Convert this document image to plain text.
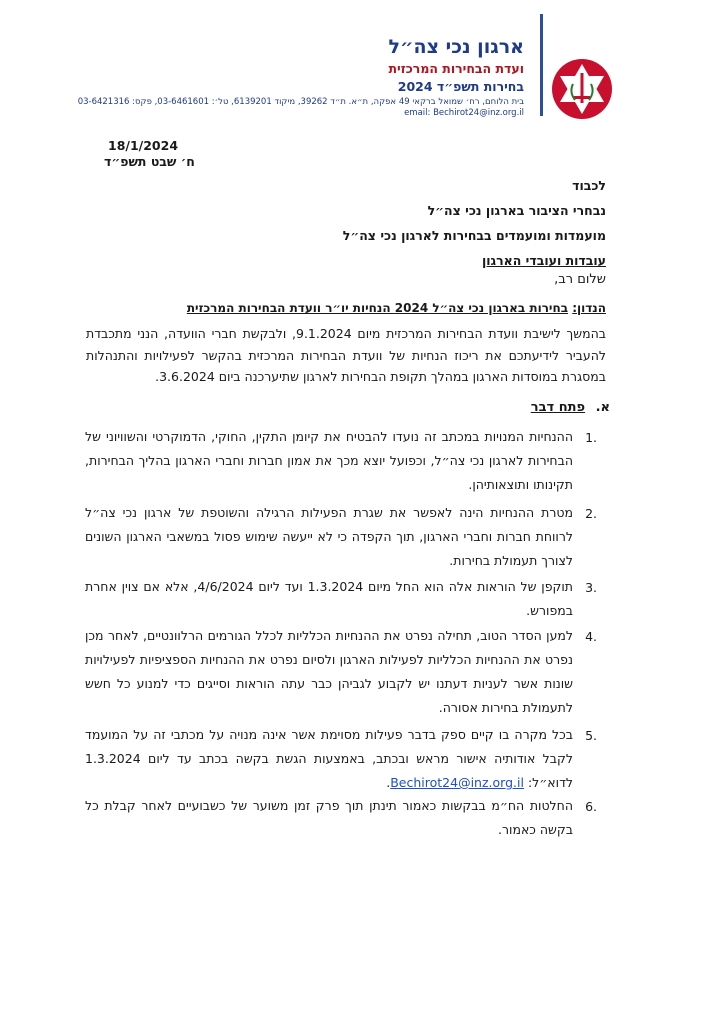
ארגון נכי צה״ל
ועדת הבחירות המרכזית
בחירות תשפ״ד 2024
בית הלוחם, רח׳ שמואל ברקאי 49 אפקה, ת״א. ת״ד 39262, מיקוד 6139201, טל׳: 03-6461601, פקס: 03-6421316
email: Bechirot24@inz.org.il
18/1/2024
ח׳ שבט תשפ״ד
לכבוד
נבחרי הציבור בארגון נכי צה״ל
מועמדות ומועמדים בבחירות לארגון נכי צה״ל
עובדות ועובדי הארגון
שלום רב,
הנדון: בחירות בארגון נכי צה״ל 2024 הנחיות יו״ר וועדת הבחירות המרכזית
בהמשך לישיבת וועדת הבחירות המרכזית מיום 9.1.2024, ולבקשת חברי הוועדה, הנני מתכבדת להעביר לידיעתכם את ריכוז הנחיות של וועדת הבחירות המרכזית בהקשר לפעילויות והתנהלות במסגרת במוסדות הארגון במהלך תקופת הבחירות לארגון שתיערכנה ביום 3.6.2024.
א. פתח דבר
1.
ההנחיות המנויות במכתב זה נועדו להבטיח את קיומן התקין, החוקי, הדמוקרטי והשוויוני של הבחירות לארגון נכי צה״ל, וכפועל יוצא מכך את אמון חברות וחברי הארגון בהליך הבחירות, תקינותו ותוצאותיהן.
2.
מטרת ההנחיות הינה לאפשר את שגרת הפעילות הרגילה והשוטפת של ארגון נכי צה״ל לרווחת חברות וחברי הארגון, תוך הקפדה כי לא ייעשה שימוש פסול במשאבי הארגון השונים לצורך תעמולת בחירות.
3.
תוקפן של הוראות אלה הוא החל מיום 1.3.2024 ועד ליום 4/6/2024, אלא אם צוין אחרת במפורש.
4.
למען הסדר הטוב, תחילה נפרט את ההנחיות הכלליות לכלל הגורמים הרלוונטיים, לאחר מכן נפרט את ההנחיות הכלליות לפעילות הארגון ולסיום נפרט את ההנחיות הספציפיות לפעילויות שונות אשר לעניות דעתנו יש לקבוע לגביהן כבר עתה הוראות וסייגים כדי למנוע כל חשש לתעמולת בחירות אסורה.
5.
בכל מקרה בו קיים ספק בדבר פעילות מסוימת אשר אינה מנויה על מכתבי זה על המועמד לקבל אודותיה אישור מראש ובכתב, באמצעות הגשת בקשה בכתב עד ליום 1.3.2024 לדוא״ל: Bechirot24@inz.org.il.
6.
החלטות הח״מ בבקשות כאמור תינתן תוך פרק זמן משוער של כשבועיים לאחר קבלת כל בקשה כאמור.
